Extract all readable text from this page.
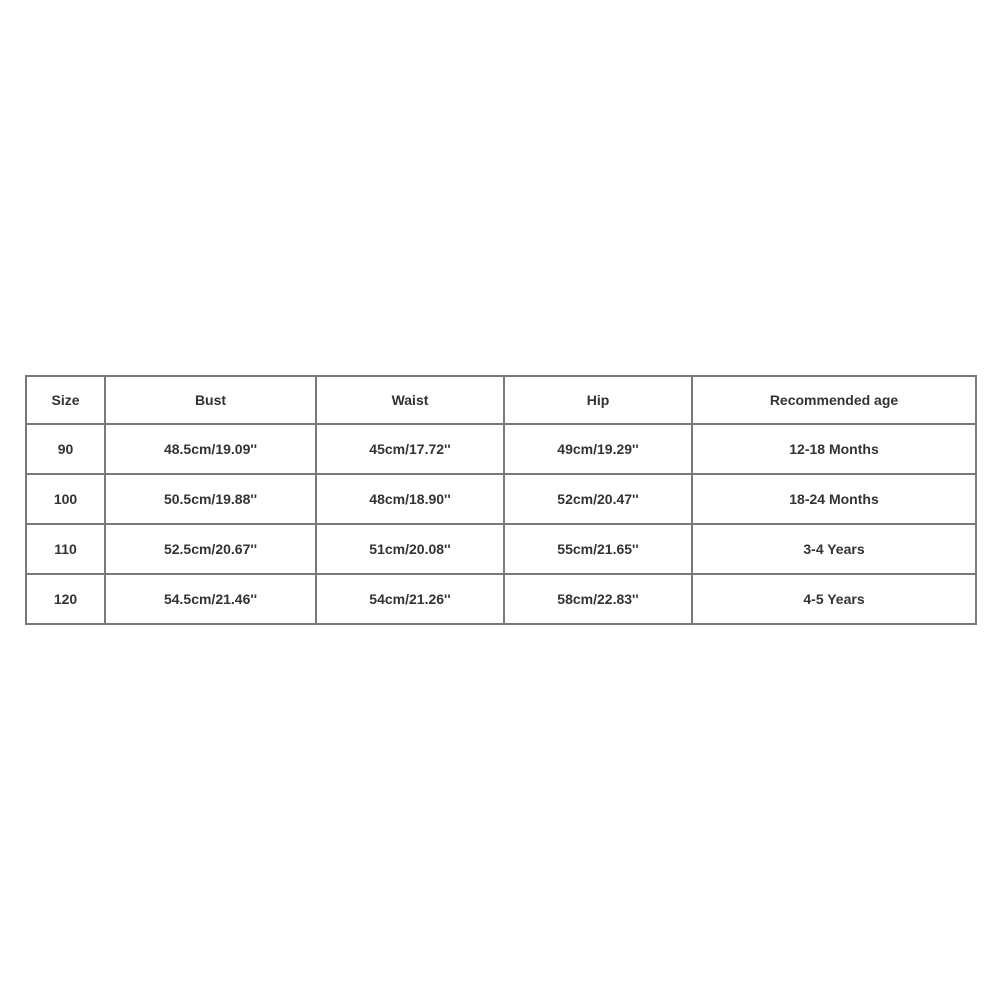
Size	Bust	Waist	Hip	Recommended age
90	48.5cm/19.09''	45cm/17.72''	49cm/19.29''	12-18 Months
100	50.5cm/19.88''	48cm/18.90''	52cm/20.47''	18-24 Months
110	52.5cm/20.67''	51cm/20.08''	55cm/21.65''	3-4 Years
120	54.5cm/21.46''	54cm/21.26''	58cm/22.83''	4-5 Years
